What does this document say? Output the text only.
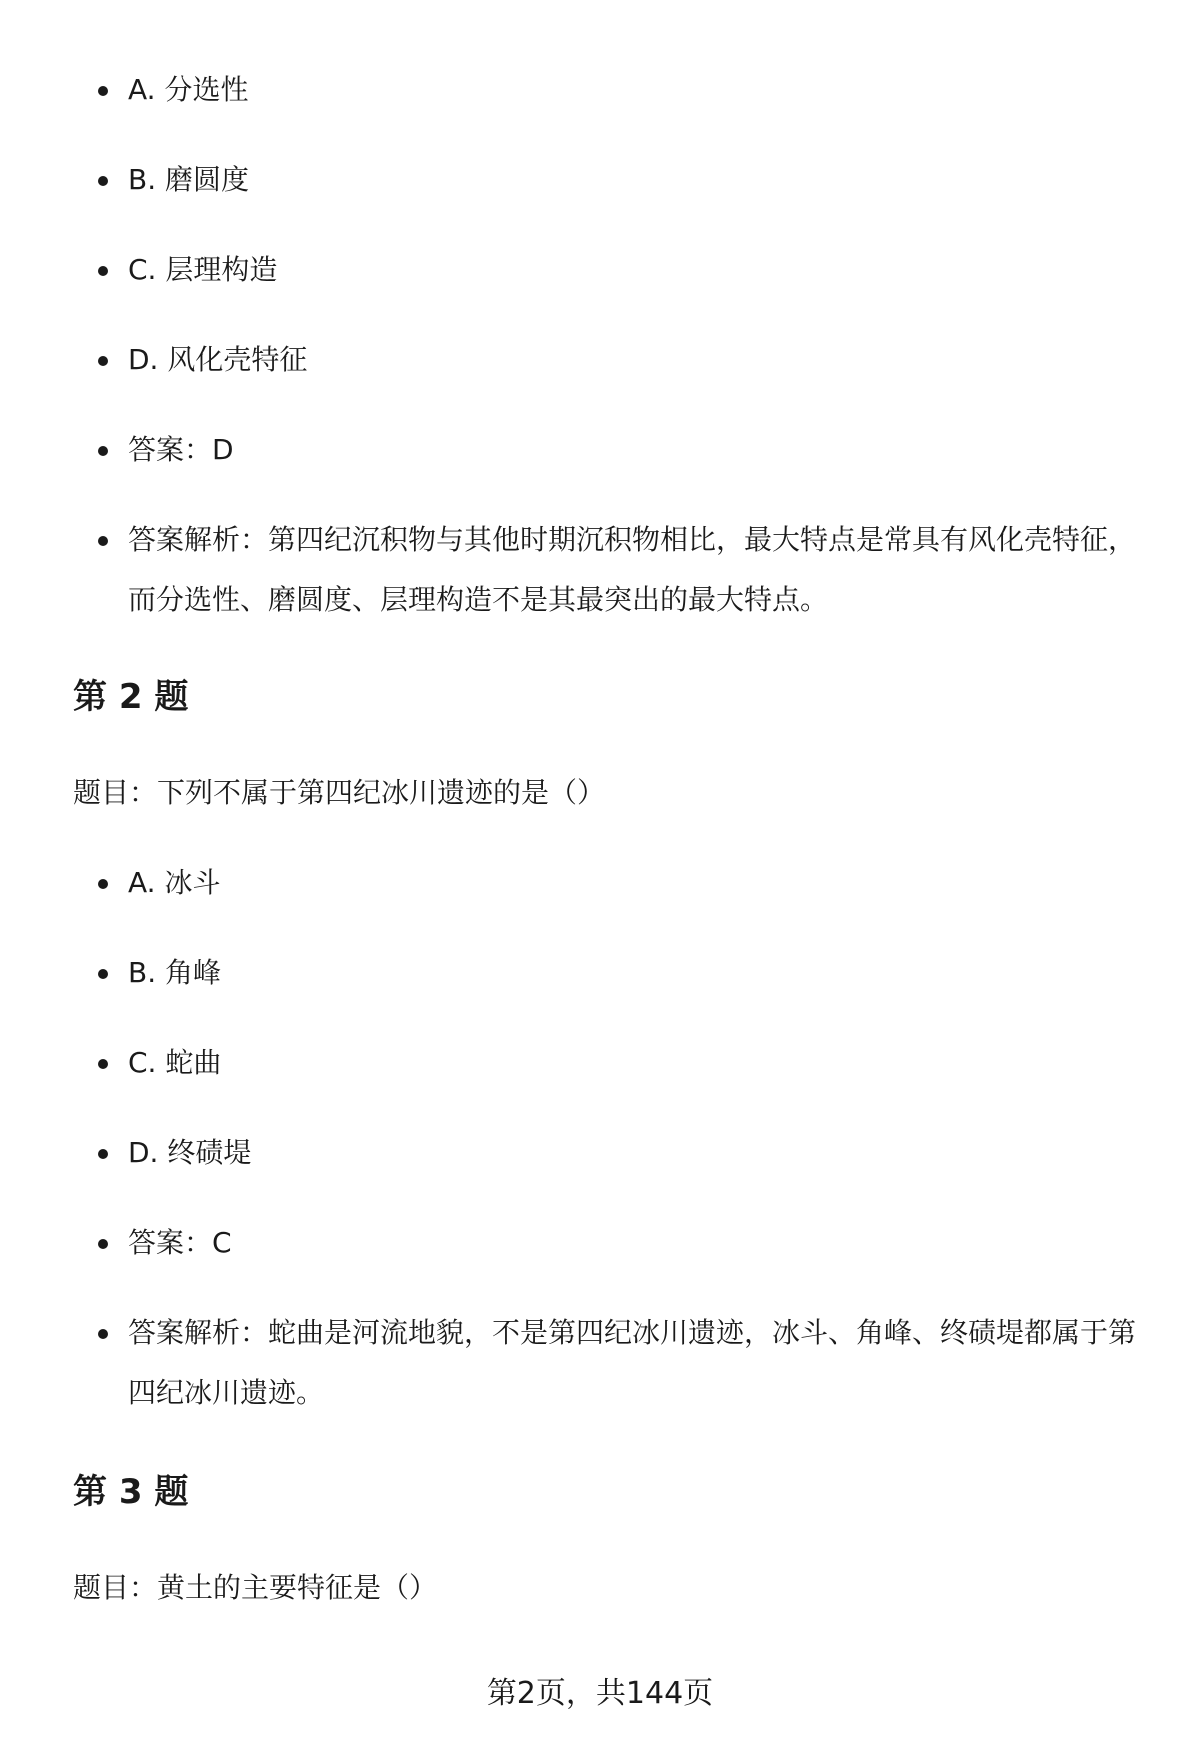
A. 分选性
B. 磨圆度
C. 层理构造
D. 风化壳特征
答案：D
答案解析：第四纪沉积物与其他时期沉积物相比，最大特点是常具有风化壳特征，而分选性、磨圆度、层理构造不是其最突出的最大特点。
第 2 题

题目：下列不属于第四纪冰川遗迹的是（）

A. 冰斗
B. 角峰
C. 蛇曲
D. 终碛堤
答案：C
答案解析：蛇曲是河流地貌，不是第四纪冰川遗迹，冰斗、角峰、终碛堤都属于第四纪冰川遗迹。
第 3 题

题目：黄土的主要特征是（）

第2页，共144页
